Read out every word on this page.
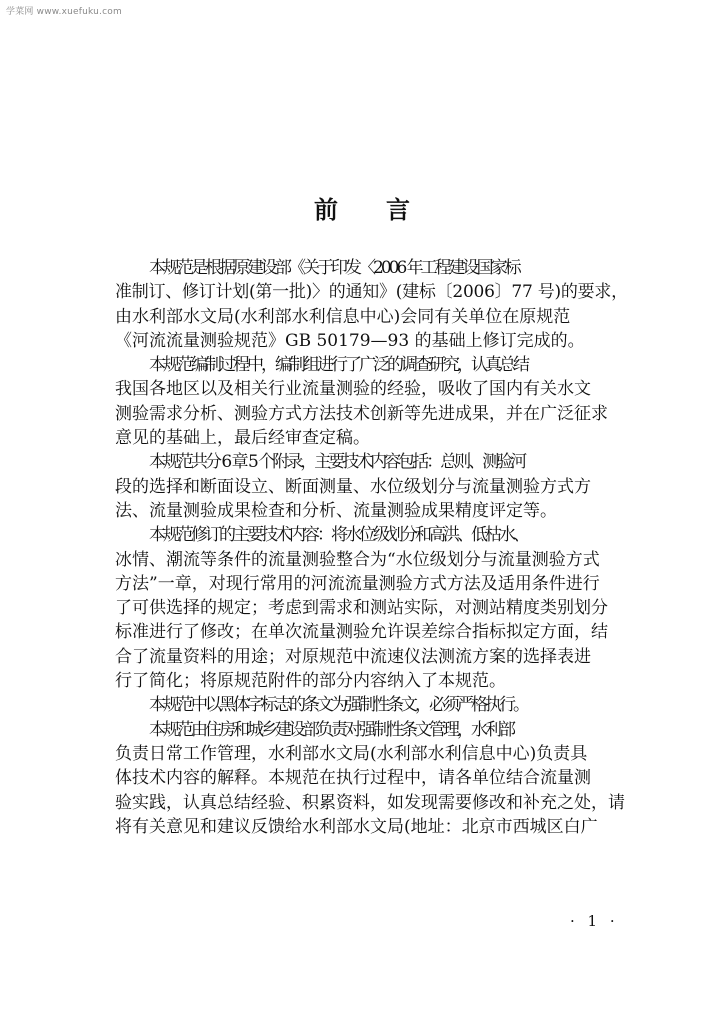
学菜网 www.xuefuku.com
前 言
本规范是根据原建设部《关于印发〈2006 年工程建设国家标
准制订、修订计划(第一批)〉的通知》(建标〔2006〕77 号)的要求，
由水利部水文局(水利部水利信息中心)会同有关单位在原规范
《河流流量测验规范》GB 50179—93 的基础上修订完成的。
本规范编制过程中，编制组进行了广泛的调查研究，认真总结
我国各地区以及相关行业流量测验的经验，吸收了国内有关水文
测验需求分析、测验方式方法技术创新等先进成果，并在广泛征求
意见的基础上，最后经审查定稿。
本规范共分 6 章 5 个附录，主要技术内容包括：总则、测验河
段的选择和断面设立、断面测量、水位级划分与流量测验方式方
法、流量测验成果检查和分析、流量测验成果精度评定等。
本规范修订的主要技术内容：将水位级划分和高洪、低枯水、
冰情、潮流等条件的流量测验整合为“水位级划分与流量测验方式
方法”一章，对现行常用的河流流量测验方式方法及适用条件进行
了可供选择的规定；考虑到需求和测站实际，对测站精度类别划分
标准进行了修改；在单次流量测验允许误差综合指标拟定方面，结
合了流量资料的用途；对原规范中流速仪法测流方案的选择表进
行了简化；将原规范附件的部分内容纳入了本规范。
本规范中以黑体字标志的条文为强制性条文，必须严格执行。
本规范由住房和城乡建设部负责对强制性条文管理，水利部
负责日常工作管理，水利部水文局(水利部水利信息中心)负责具
体技术内容的解释。本规范在执行过程中，请各单位结合流量测
验实践，认真总结经验、积累资料，如发现需要修改和补充之处，请
将有关意见和建议反馈给水利部水文局(地址：北京市西城区白广
· 1 ·
